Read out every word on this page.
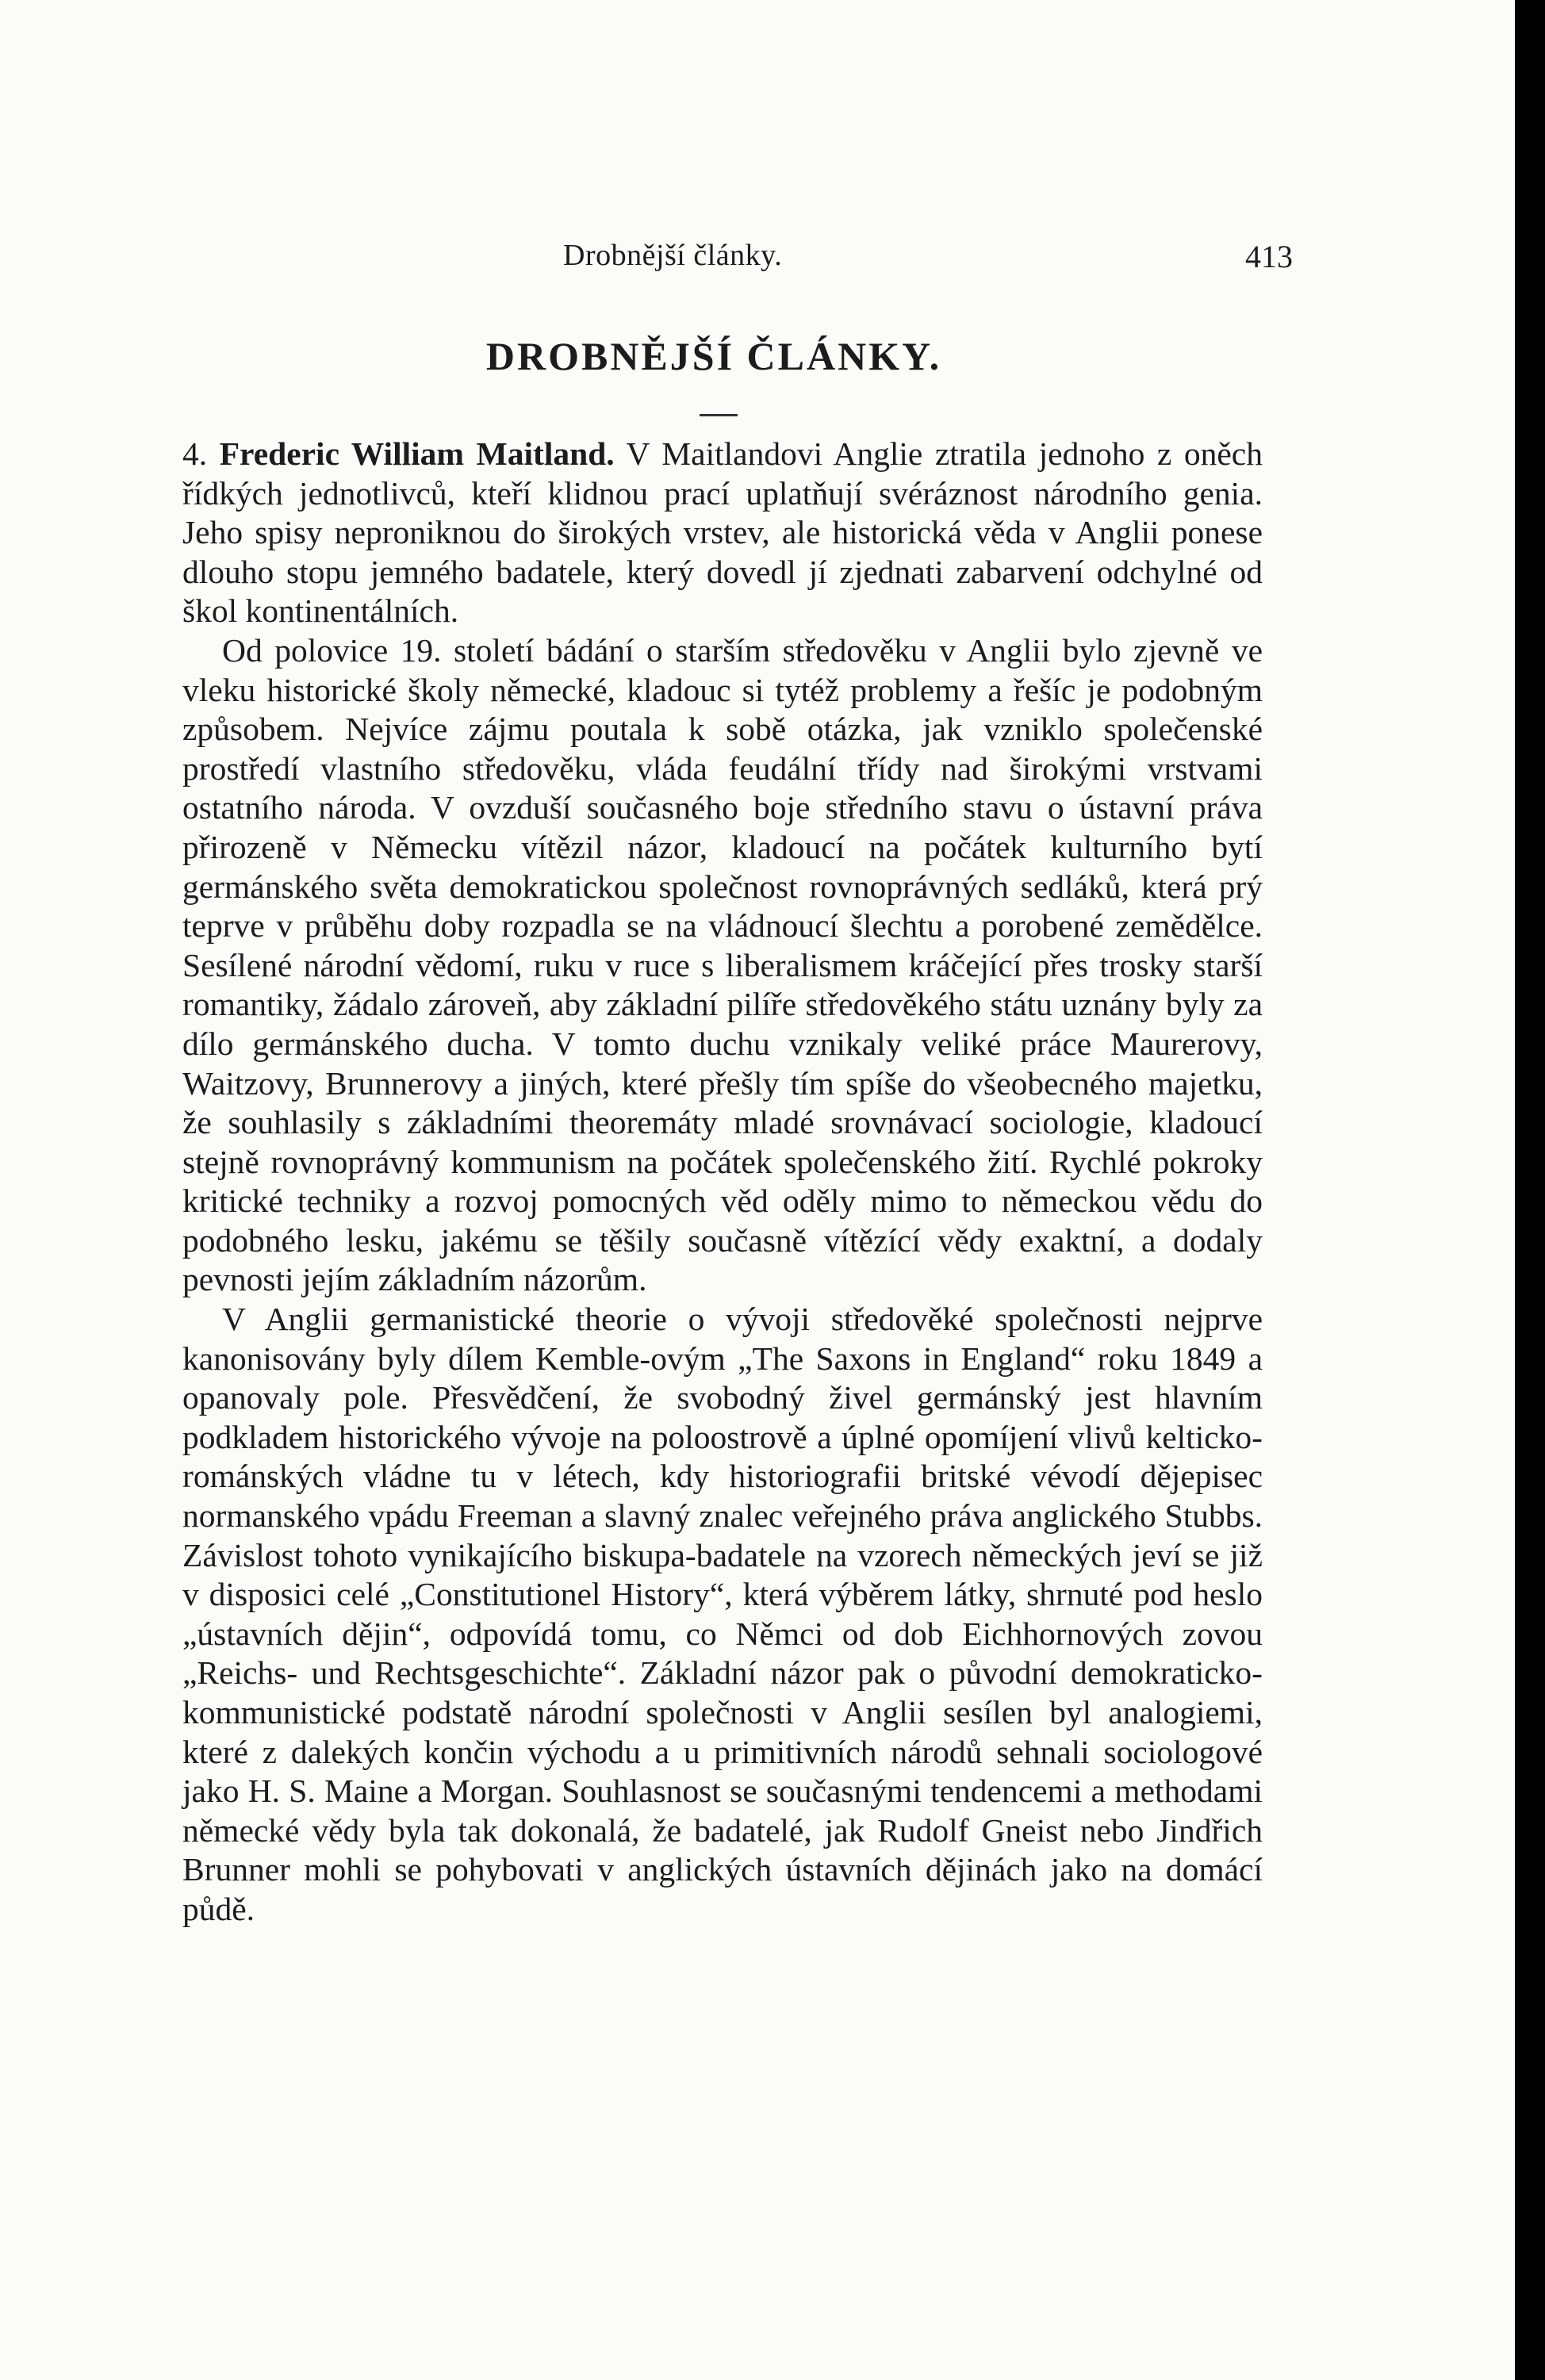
Drobnější články.	413
DROBNĚJŠÍ ČLÁNKY.

4. Frederic William Maitland. V Maitlandovi Anglie ztratila jednoho z oněch řídkých jednotlivců, kteří klidnou prací uplatňují svéráznost národního genia. Jeho spisy neproniknou do širokých vrstev, ale historická věda v Anglii ponese dlouho stopu jemného badatele, který dovedl jí zjednati zabarvení odchylné od škol kontinentálních.

Od polovice 19. století bádání o starším středověku v Anglii bylo zjevně ve vleku historické školy německé, kladouc si tytéž problemy a řešíc je podobným způsobem. Nejvíce zájmu poutala k sobě otázka, jak vzniklo společenské prostředí vlastního středověku, vláda feudální třídy nad širokými vrstvami ostatního národa. V ovzduší současného boje středního stavu o ústavní práva přirozeně v Německu vítězil názor, kladoucí na počátek kulturního bytí germánského světa demokratickou společnost rovnoprávných sedláků, která prý teprve v průběhu doby rozpadla se na vládnoucí šlechtu a porobené zemědělce. Sesílené národní vědomí, ruku v ruce s liberalismem kráčející přes trosky starší romantiky, žádalo zároveň, aby základní pilíře středověkého státu uznány byly za dílo germánského ducha. V tomto duchu vznikaly veliké práce Maurerovy, Waitzovy, Brunnerovy a jiných, které přešly tím spíše do všeobecného majetku, že souhlasily s základními theoremáty mladé srovnávací sociologie, kladoucí stejně rovnoprávný kommunism na počátek společenského žití. Rychlé pokroky kritické techniky a rozvoj pomocných věd oděly mimo to německou vědu do podobného lesku, jakému se těšily současně vítězící vědy exaktní, a dodaly pevnosti jejím základním názorům.

V Anglii germanistické theorie o vývoji středověké společnosti nejprve kanonisovány byly dílem Kemble-ovým „The Saxons in England“ roku 1849 a opanovaly pole. Přesvědčení, že svobodný živel germánský jest hlavním podkladem historického vývoje na poloostrově a úplné opomíjení vlivů kelticko-románských vládne tu v létech, kdy historiografii britské vévodí dějepisec normanského vpádu Freeman a slavný znalec veřejného práva anglického Stubbs. Závislost tohoto vynikajícího biskupa-badatele na vzorech německých jeví se již v disposici celé „Constitutionel History“, která výběrem látky, shrnuté pod heslo „ústavních dějin“, odpovídá tomu, co Němci od dob Eichhornových zovou „Reichs- und Rechtsgeschichte“. Základní názor pak o původní demokraticko-kommunistické podstatě národní společnosti v Anglii sesílen byl analogiemi, které z dalekých končin východu a u primitivních národů sehnali sociologové jako H. S. Maine a Morgan. Souhlasnost se současnými tendencemi a methodami německé vědy byla tak dokonalá, že badatelé, jak Rudolf Gneist nebo Jindřich Brunner mohli se pohybovati v anglických ústavních dějinách jako na domácí půdě.
